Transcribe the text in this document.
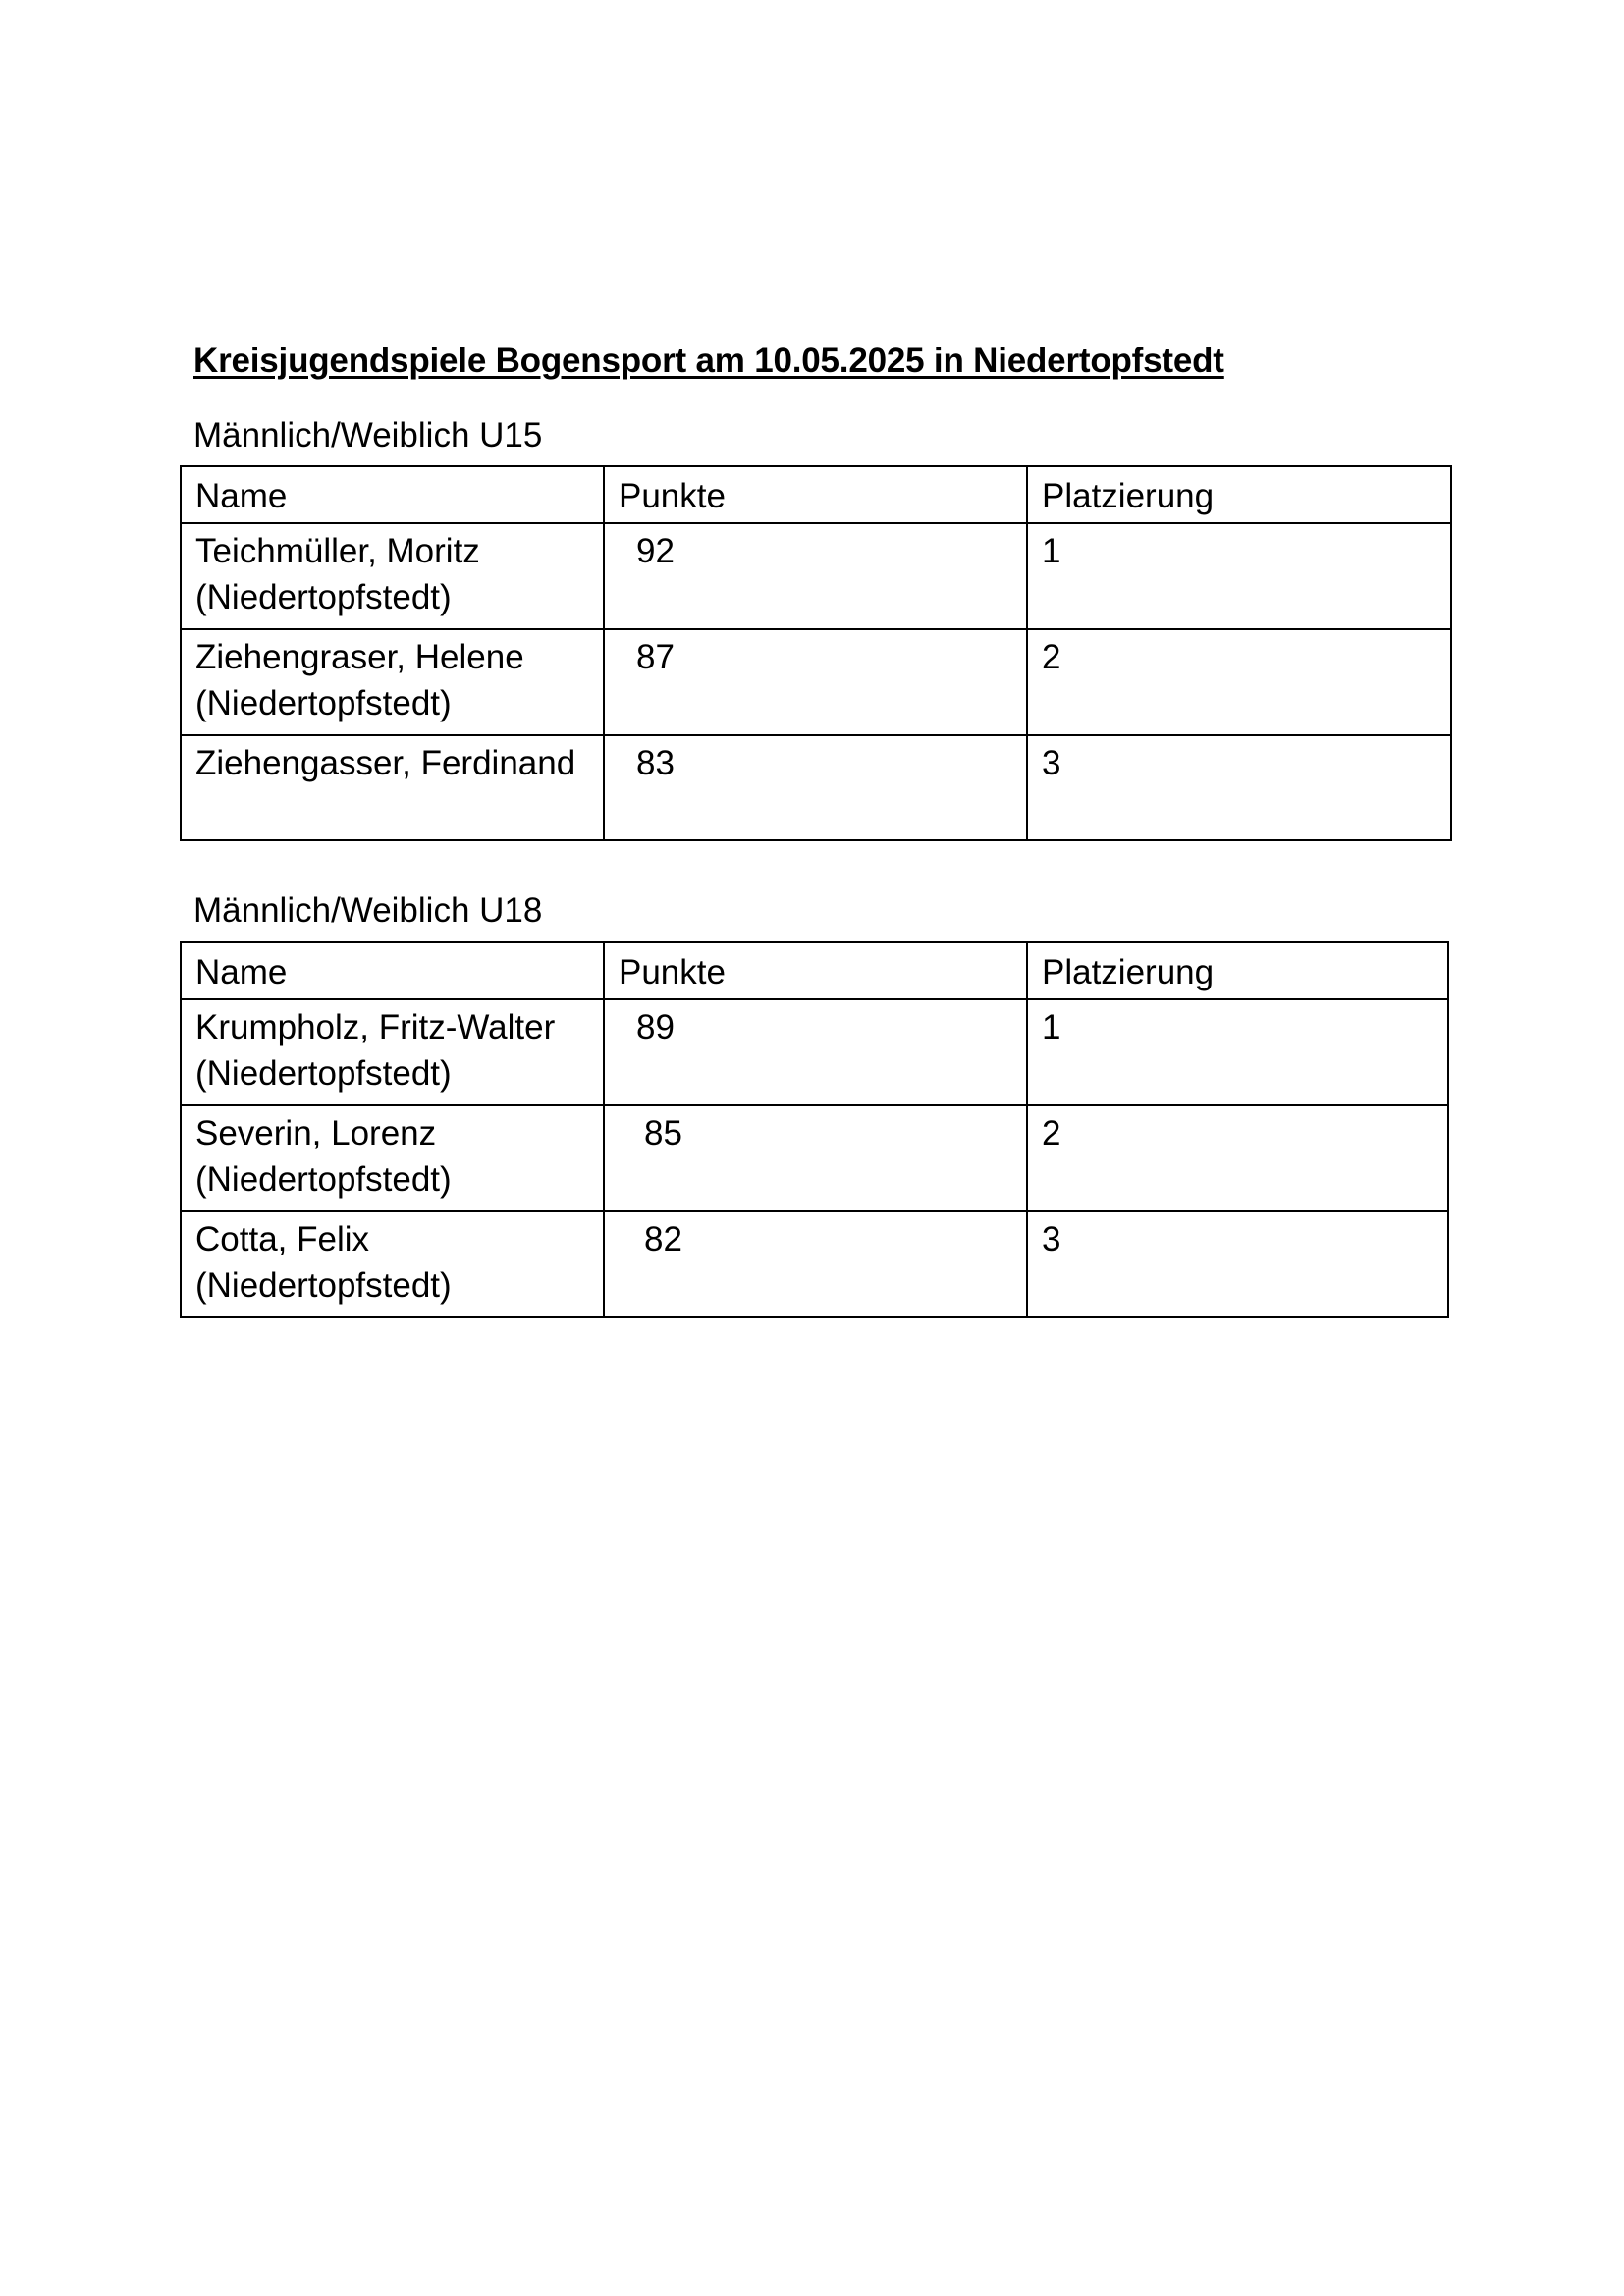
Kreisjugendspiele Bogensport am 10.05.2025 in Niedertopfstedt
Männlich/Weiblich U15
Name	Punkte	Platzierung

Teichmüller, Moritz
(Niedertopfstedt)	92	1

Ziehengraser, Helene
(Niedertopfstedt)	87	2

Ziehengasser, Ferdinand	83	3
Männlich/Weiblich U18
Name	Punkte	Platzierung

Krumpholz, Fritz-Walter
(Niedertopfstedt)	89	1

Severin, Lorenz
(Niedertopfstedt)	85	2

Cotta, Felix
(Niedertopfstedt)	82	3
